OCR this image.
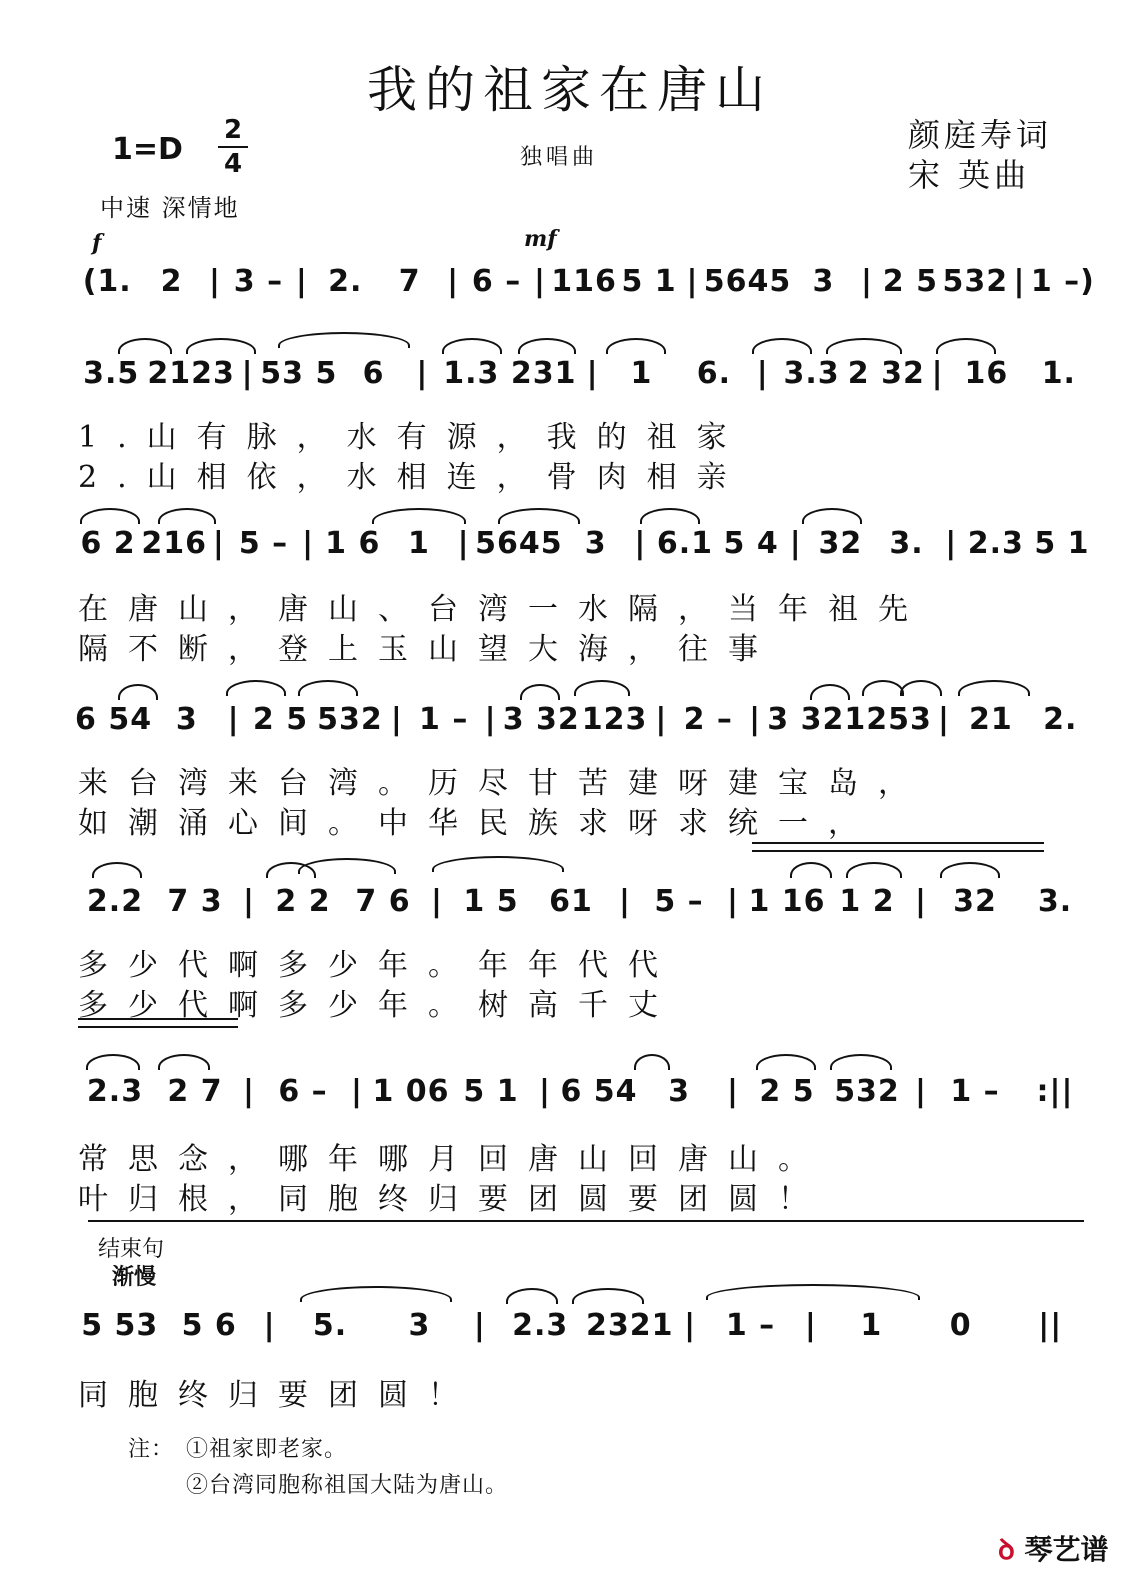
我的祖家在唐山
1=D
2
4	独唱曲
颜庭寿词
宋 英曲
中速 深情地
f	mf
(1. 2 | 3 – | 2.	7 | 6 – | 116 5 1 | 5645 3 | 2 5 532 | 1 –)
3.5 2123 | 53 5 6	| 1.3 231 |	1	6. | 3.3 2 32 | 16	1.
6 2 216 | 5 – | 1 6 1 | 5645 3 | 6.1 5 4 | 32 3. | 2.3 5 1
6 54 3 | 2 5 532 | 1 – | 3 32 123 | 2 – | 3 32 1253 | 21	2.
2.2 7 3 | 2 2 7 6 | 1 5	61 | 5 – | 1 16 1 2 | 32	3.
2.3 2 7 | 6 – | 1 06 5 1 | 6 54	3	| 2 5 532 | 1 –	:||
5 53 5 6 |	5.	3	| 2.3 2321 | 1 – |	1	0	||
1.山有脉，水有源，我的祖家
2.山相依，水相连，骨肉相亲
在唐山，唐山、台湾一水隔，当年祖先
隔不断，登上玉山望大海，往事
来台湾来台湾。历尽甘苦建呀建宝岛，
如潮涌心间。中华民族求呀求统一，
多少代啊多少年。年年代代
多少代啊多少年。树高千丈
常思念，哪年哪月回唐山回唐山。
叶归根，同胞终归要团圆要团圆！
同胞终归要团圆！
结束句
渐慢
注： ①祖家即老家。
②台湾同胞称祖国大陆为唐山。
ꝺ 琴艺谱
